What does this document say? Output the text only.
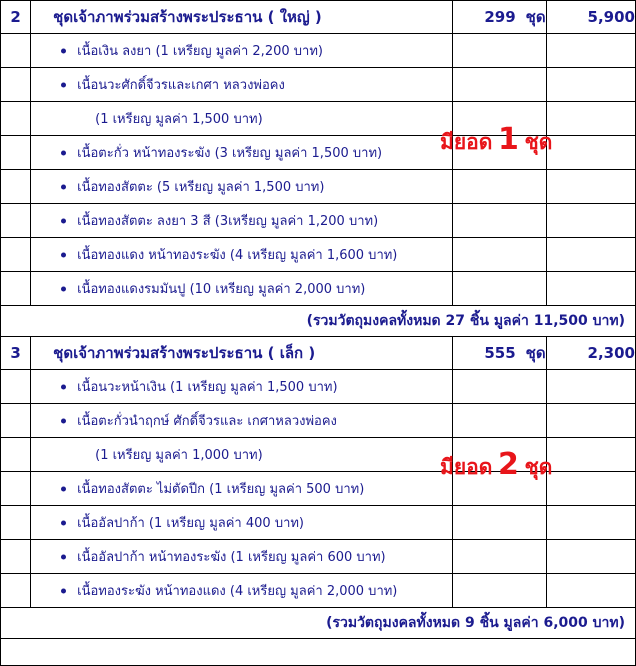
2	ชุดเจ้าภาพร่วมสร้างพระประธาน ( ใหญ่ )	299 ชุด	5,900

เนื้อเงิน ลงยา (1 เหรียญ มูลค่า 2,200 บาท)		

เนื้อนวะศักดิ์จีวรและเกศา หลวงพ่อคง		
	(1 เหรียญ มูลค่า 1,500 บาท)		

เนื้อตะกั่ว หน้าทองระฆัง (3 เหรียญ มูลค่า 1,500 บาท)		

เนื้อทองสัตตะ (5 เหรียญ มูลค่า 1,500 บาท)		

เนื้อทองสัตตะ ลงยา 3 สี (3เหรียญ มูลค่า 1,200 บาท)		

เนื้อทองแดง หน้าทองระฆัง (4 เหรียญ มูลค่า 1,600 บาท)		

เนื้อทองแดงรมมันปู (10 เหรียญ มูลค่า 2,000 บาท)		
(รวมวัตถุมงคลทั้งหมด 27 ชิ้น มูลค่า 11,500 บาท)			
3	ชุดเจ้าภาพร่วมสร้างพระประธาน ( เล็ก )	555 ชุด	2,300

เนื้อนวะหน้าเงิน (1 เหรียญ มูลค่า 1,500 บาท)		

เนื้อตะกั่วนำฤกษ์ ศักดิ์จีวรและ เกศาหลวงพ่อคง		
	(1 เหรียญ มูลค่า 1,000 บาท)		

เนื้อทองสัตตะ ไม่ตัดปีก (1 เหรียญ มูลค่า 500 บาท)		

เนื้ออัลปาก้า (1 เหรียญ มูลค่า 400 บาท)		

เนื้ออัลปาก้า หน้าทองระฆัง (1 เหรียญ มูลค่า 600 บาท)		

เนื้อทองระฆัง หน้าทองแดง (4 เหรียญ มูลค่า 2,000 บาท)		
(รวมวัตถุมงคลทั้งหมด 9 ชิ้น มูลค่า 6,000 บาท)			

มียอด 1 ชุด
มียอด 2 ชุด
